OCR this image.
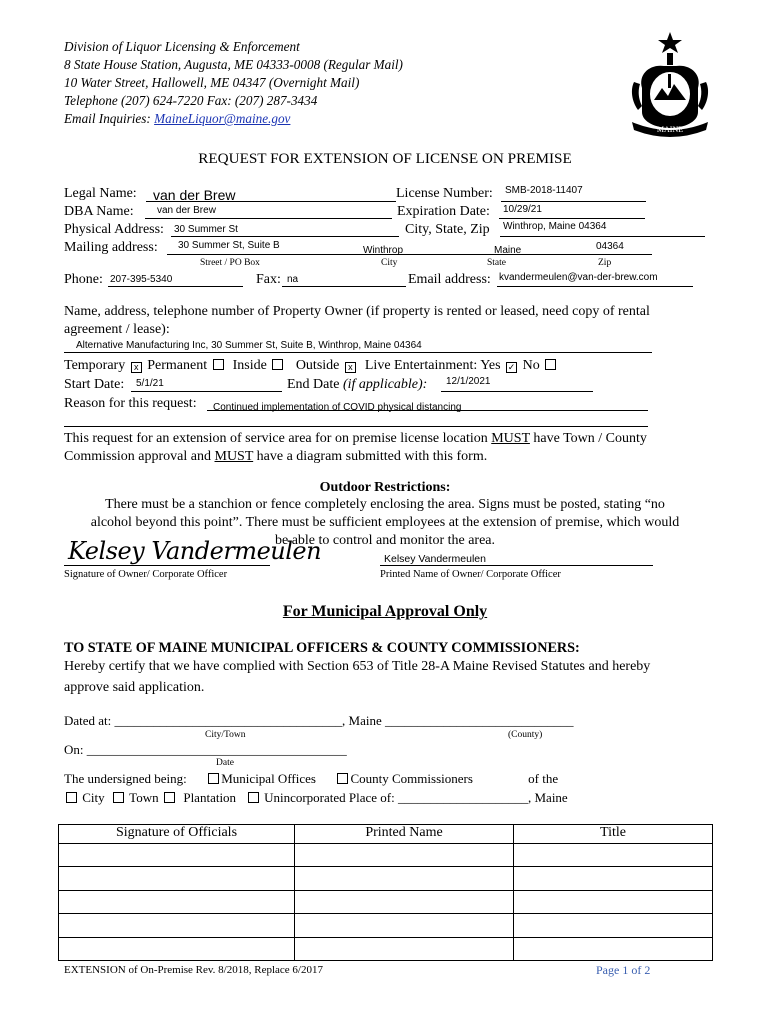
Division of Liquor Licensing & Enforcement
8 State House Station, Augusta, ME 04333-0008 (Regular Mail)
10 Water Street, Hallowell, ME 04347 (Overnight Mail)
Telephone (207) 624-7220 Fax: (207) 287-3434
Email Inquiries: MaineLiquor@maine.gov
MAINE
REQUEST FOR EXTENSION OF LICENSE ON PREMISE
Legal Name: van der Brew	License Number: SMB-2018-11407
DBA Name: van der Brew	Expiration Date: 10/29/21
Physical Address: 30 Summer St	City, State, Zip Winthrop, Maine 04364
Mailing address: 30 Summer St, Suite B	Winthrop	Maine	04364
Street / PO Box	City	State	Zip
Phone: 207-395-5340	Fax: na	Email address: kvandermeulen@van-der-brew.com
Name, address, telephone number of Property Owner (if property is rented or leased, need copy of rental
agreement / lease):
Alternative Manufacturing Inc, 30 Summer St, Suite B, Winthrop, Maine 04364
Temporary x Permanent Inside Outside x Live Entertainment: Yes ✓ No
Start Date: 5/1/21	End Date (if applicable): 12/1/2021
Reason for this request: Continued implementation of COVID physical distancing
This request for an extension of service area for on premise license location MUST have Town / County
Commission approval and MUST have a diagram submitted with this form.
Outdoor Restrictions:
There must be a stanchion or fence completely enclosing the area. Signs must be posted, stating “no
alcohol beyond this point”. There must be sufficient employees at the extension of premise, which would
be able to control and monitor the area.
Kelsey Vandermeulen	Kelsey Vandermeulen
Signature of Owner/ Corporate Officer	Printed Name of Owner/ Corporate Officer
For Municipal Approval Only
TO STATE OF MAINE MUNICIPAL OFFICERS & COUNTY COMMISSIONERS:
Hereby certify that we have complied with Section 653 of Title 28-A Maine Revised Statutes and hereby
approve said application.
Dated at: ___________________________________, Maine _____________________________
City/Town	(County)
On: ________________________________________
Date
The undersigned being:	Municipal Offices	County Commissioners	of the
City Town Plantation Unincorporated Place of: ____________________, Maine
Signature of Officials	Printed Name	Title

EXTENSION of On-Premise Rev. 8/2018, Replace 6/2017	Page 1 of 2
